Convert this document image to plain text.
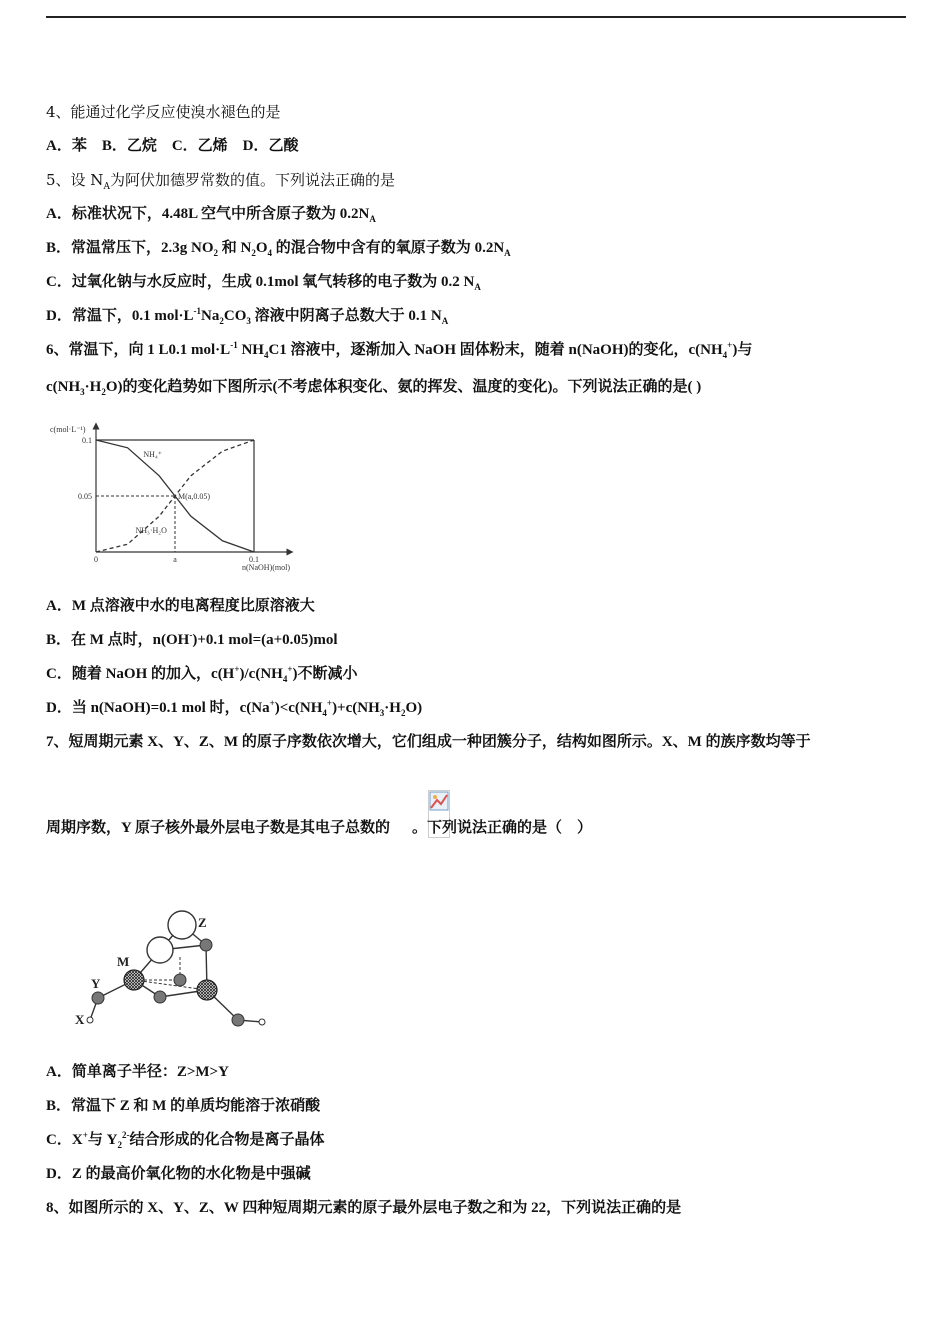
4、能通过化学反应使溴水褪色的是
A．苯　B．乙烷　C．乙烯　D．乙酸
5、设 $N_A$为阿伏加德罗常数的值。下列说法正确的是
A．标准状况下，4.48L 空气中所含原子数为 $0.2N_A$
B．常温常压下，2.3g $NO_2$ 和 $N_2O_4$ 的混合物中含有的氧原子数为 $0.2N_A$
C．过氧化钠与水反应时，生成 0.1mol 氧气转移的电子数为 0.2 $N_A$
D．常温下，0.1 $mol\cdot L^{-1}Na_2CO_3$ 溶液中阴离子总数大于 0.1 $N_A$
6、常温下，向 1 L0.1 $mol\cdot L^{-1}$ $NH_4C1$ 溶液中，逐渐加入 NaOH 固体粉末，随着 n(NaOH)的变化，$c(NH_4^+)$与
$c(NH_3\cdot H_2O)$的变化趋势如下图所示(不考虑体积变化、氨的挥发、温度的变化)。下列说法正确的是( )
NH₄⁺
NH₃·H₂O
M(a,0.05)
0.1
0.05
0	a	0.1
c(mol·L⁻¹)
n(NaOH)(mol)
A．M 点溶液中水的电离程度比原溶液大
B．在 M 点时，n(OH-)+0.1 mol=(a+0.05)mol
C．随着 NaOH 的加入，$c(H^+)/c(NH_4^+)$不断减小
D．当 n(NaOH)=0.1 mol 时，$c(Na^+)<c(NH_4^+)+c(NH_3\cdot H_2O)$
7、短周期元素 X、Y、Z、M 的原子序数依次增大，它们组成一种团簇分子，结构如图所示。X、M 的族序数均等于
周期序数，Y 原子核外最外层电子数是其电子总数的 。下列说法正确的是（　）
Z
M
Y
X
A．简单离子半径：Z>M>Y
B．常温下 Z 和 M 的单质均能溶于浓硝酸
C．X+与 $Y_2^{2-}$结合形成的化合物是离子晶体
D．Z 的最高价氧化物的水化物是中强碱
8、如图所示的 X、Y、Z、W 四种短周期元素的原子最外层电子数之和为 22，下列说法正确的是
